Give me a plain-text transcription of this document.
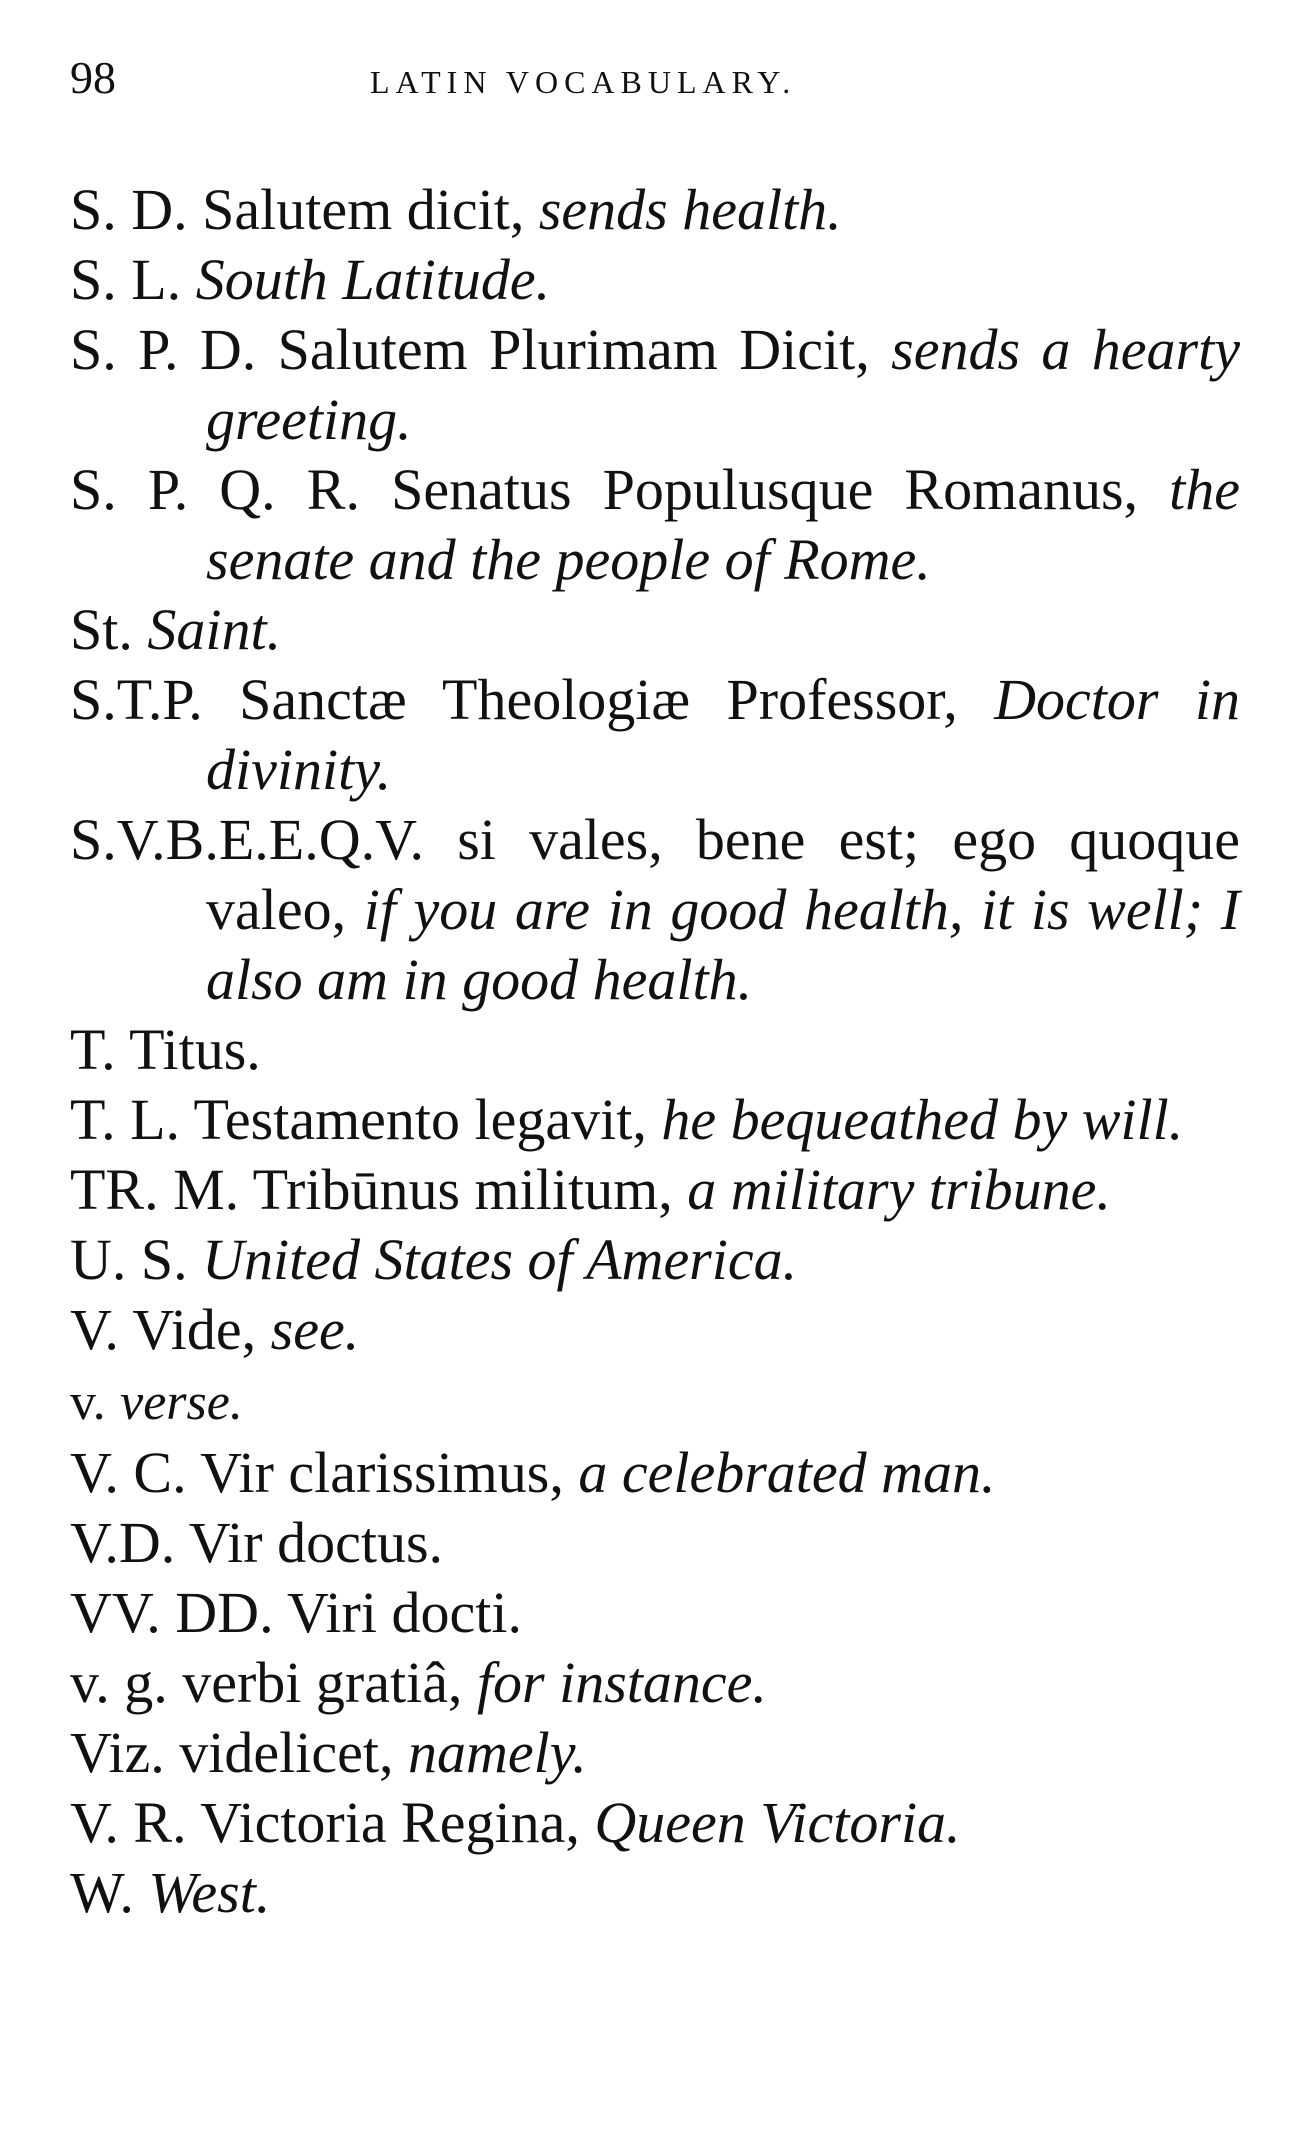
98	LATIN VOCABULARY.

S. D. Salutem dicit, sends health.

S. L. South Latitude.

S. P. D. Salutem Plurimam Dicit, sends a hearty greeting.

S. P. Q. R. Senatus Populusque Romanus, the senate and the people of Rome.

St. Saint.

S.T.P. Sanctæ Theologiæ Professor, Doctor in divinity.

S.V.B.E.E.Q.V. si vales, bene est; ego quoque valeo, if you are in good health, it is well; I also am in good health.

T. Titus.

T. L. Testamento legavit, he bequeathed by will.

TR. M. Tribūnus militum, a military tribune.

U. S. United States of America.

V. Vide, see.

v. verse.

V. C. Vir clarissimus, a celebrated man.

V.D. Vir doctus.

VV. DD. Viri docti.

v. g. verbi gratiâ, for instance.

Viz. videlicet, namely.

V. R. Victoria Regina, Queen Victoria.

W. West.
